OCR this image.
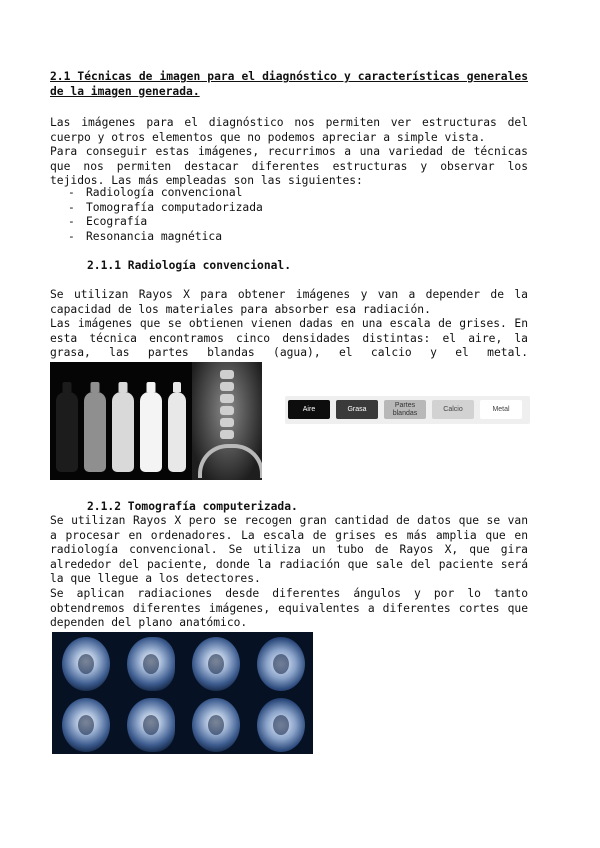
2.1 Técnicas de imagen para el diagnóstico y características generales
de la imagen generada.
Las imágenes para el diagnóstico nos permiten ver estructuras del
cuerpo y otros elementos que no podemos apreciar a simple vista.
Para conseguir estas imágenes, recurrimos a una variedad de técnicas
que nos permiten destacar diferentes estructuras y observar los
tejidos. Las más empleadas son las siguientes:
- Radiología convencional
- Tomografía computadorizada
- Ecografía
- Resonancia magnética
2.1.1 Radiología convencional.
Se utilizan Rayos X para obtener imágenes y van a depender de la
capacidad de los materiales para absorber esa radiación.
Las imágenes que se obtienen vienen dadas en una escala de grises. En
esta técnica encontramos cinco densidades distintas: el aire, la
grasa, las partes blandas (agua), el calcio y el metal.
Aire	Grasa
Partes blandas
Calcio	Metal
2.1.2 Tomografía computerizada.
Se utilizan Rayos X pero se recogen gran cantidad de datos que se van
a procesar en ordenadores. La escala de grises es más amplia que en
radiología convencional. Se utiliza un tubo de Rayos X, que gira
alrededor del paciente, donde la radiación que sale del paciente será
la que llegue a los detectores.
Se aplican radiaciones desde diferentes ángulos y por lo tanto
obtendremos diferentes imágenes, equivalentes a diferentes cortes que
dependen del plano anatómico.
